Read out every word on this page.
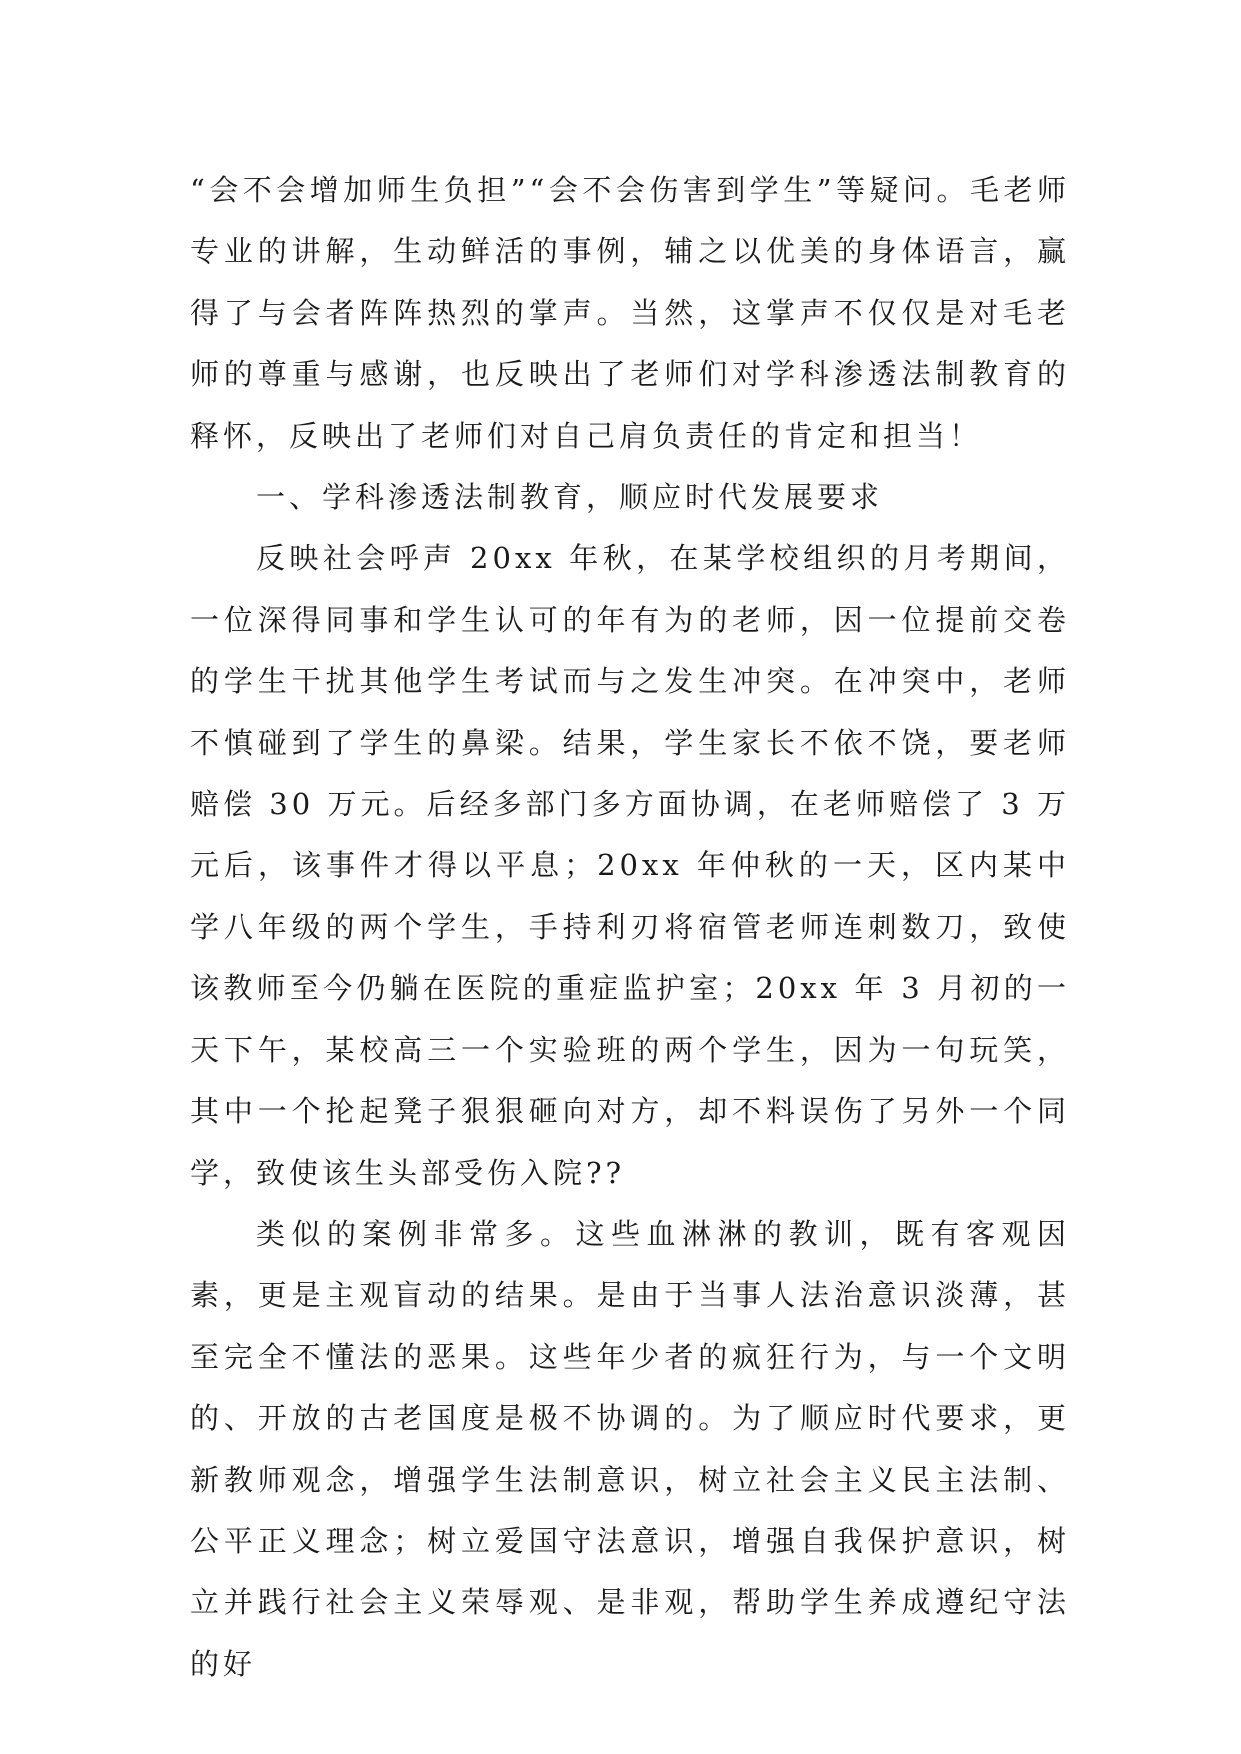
“会不会增加师生负担”“会不会伤害到学生”等疑问。毛老师专业的讲解，生动鲜活的事例，辅之以优美的身体语言，赢得了与会者阵阵热烈的掌声。当然，这掌声不仅仅是对毛老师的尊重与感谢，也反映出了老师们对学科渗透法制教育的释怀，反映出了老师们对自己肩负责任的肯定和担当！

一、学科渗透法制教育，顺应时代发展要求

反映社会呼声 20xx 年秋，在某学校组织的月考期间，一位深得同事和学生认可的年有为的老师，因一位提前交卷的学生干扰其他学生考试而与之发生冲突。在冲突中，老师不慎碰到了学生的鼻梁。结果，学生家长不依不饶，要老师赔偿 30 万元。后经多部门多方面协调，在老师赔偿了 3 万元后，该事件才得以平息；20xx 年仲秋的一天，区内某中学八年级的两个学生，手持利刃将宿管老师连刺数刀，致使该教师至今仍躺在医院的重症监护室；20xx 年 3 月初的一天下午，某校高三一个实验班的两个学生，因为一句玩笑，其中一个抡起凳子狠狠砸向对方，却不料误伤了另外一个同学，致使该生头部受伤入院??

类似的案例非常多。这些血淋淋的教训，既有客观因素，更是主观盲动的结果。是由于当事人法治意识淡薄，甚至完全不懂法的恶果。这些年少者的疯狂行为，与一个文明的、开放的古老国度是极不协调的。为了顺应时代要求，更新教师观念，增强学生法制意识，树立社会主义民主法制、公平正义理念；树立爱国守法意识，增强自我保护意识，树立并践行社会主义荣辱观、是非观，帮助学生养成遵纪守法的好
